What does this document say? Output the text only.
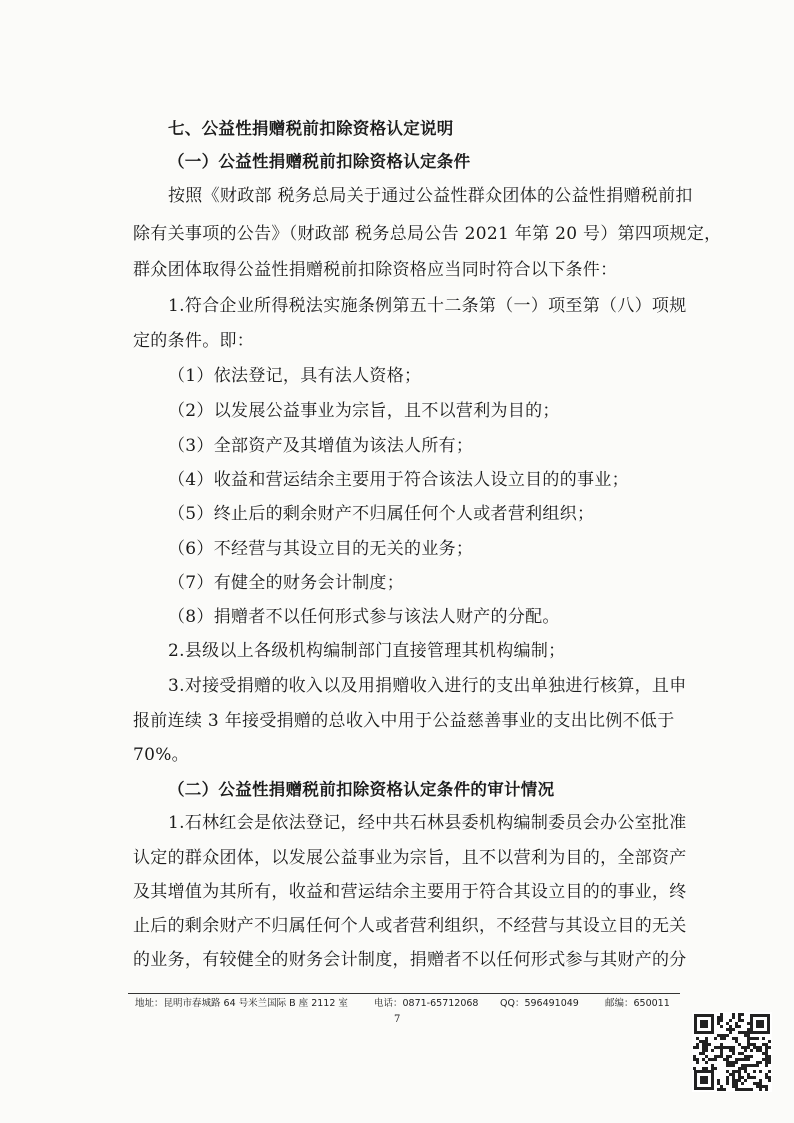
七、公益性捐赠税前扣除资格认定说明
（一）公益性捐赠税前扣除资格认定条件
按照《财政部 税务总局关于通过公益性群众团体的公益性捐赠税前扣
除有关事项的公告》（财政部 税务总局公告 2021 年第 20 号）第四项规定，
群众团体取得公益性捐赠税前扣除资格应当同时符合以下条件：
1.符合企业所得税法实施条例第五十二条第（一）项至第（八）项规
定的条件。即：
（1）依法登记，具有法人资格；
（2）以发展公益事业为宗旨，且不以营利为目的；
（3）全部资产及其增值为该法人所有；
（4）收益和营运结余主要用于符合该法人设立目的的事业；
（5）终止后的剩余财产不归属任何个人或者营利组织；
（6）不经营与其设立目的无关的业务；
（7）有健全的财务会计制度；
（8）捐赠者不以任何形式参与该法人财产的分配。
2.县级以上各级机构编制部门直接管理其机构编制；
3.对接受捐赠的收入以及用捐赠收入进行的支出单独进行核算，且申
报前连续 3 年接受捐赠的总收入中用于公益慈善事业的支出比例不低于
70%。
（二）公益性捐赠税前扣除资格认定条件的审计情况
1.石林红会是依法登记，经中共石林县委机构编制委员会办公室批准
认定的群众团体，以发展公益事业为宗旨，且不以营利为目的，全部资产
及其增值为其所有，收益和营运结余主要用于符合其设立目的的事业，终
止后的剩余财产不归属任何个人或者营利组织，不经营与其设立目的无关
的业务，有较健全的财务会计制度，捐赠者不以任何形式参与其财产的分
地址：昆明市春城路 64 号米兰国际 B 座 2112 室	电话：0871-65712068 QQ：596491049	邮编：650011
7
